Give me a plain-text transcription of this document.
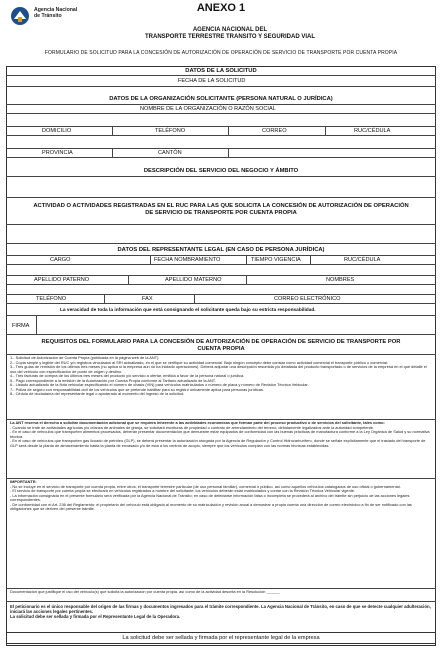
Agencia Nacional de Tránsito
ANEXO 1
AGENCIA NACIONAL DEL
TRANSPORTE TERRESTRE TRANSITO Y SEGURIDAD VIAL
FORMULARIO DE SOLICITUD PARA LA CONCESIÓN DE AUTORIZACIÓN DE OPERACIÓN DE SERVICIO DE TRANSPORTE POR CUENTA PROPIA
DATOS DE LA SOLICITUD
FECHA DE LA SOLICITUD
DATOS DE LA ORGANIZACIÓN SOLICITANTE (PERSONA NATURAL O JURÍDICA)
NOMBRE DE LA ORGANIZACIÓN O RAZÓN SOCIAL
DOMICILIO	TELÉFONO	CORREO	RUC/CÉDULA
PROVINCIA	CANTÓN
DESCRIPCIÓN DEL SERVICIO DEL NEGOCIO Y ÁMBITO
ACTIVIDAD O ACTIVIDADES REGISTRADAS EN EL RUC PARA LAS QUE SOLICITA LA CONCESIÓN DE AUTORIZACIÓN DE OPERACIÓN DE SERVICIO DE TRANSPORTE POR CUENTA PROPIA
DATOS DEL REPRESENTANTE LEGAL (EN CASO DE PERSONA JURÍDICA)
CARGO	FECHA NOMBRAMIENTO	TIEMPO VIGENCIA	RUC/CÉDULA
APELLIDO PATERNO	APELLIDO MATERNO	NOMBRES
TELÉFONO	FAX	CORREO ELECTRÓNICO
La veracidad de toda la información que está consignando el solicitante queda bajo su estricta responsabilidad.
FIRMA
REQUISITOS DEL FORMULARIO PARA LA CONCESIÓN DE AUTORIZACIÓN DE OPERACIÓN DE SERVICIO DE TRANSPORTE POR CUENTA PROPIA
1.- Solicitud de Autorización de Cuenta Propia (publicada en la página web de la ANT).
2.- Copia simple y legible del RUC y/o registros vinculados al SRI actualizado, en el que se verifique su actividad comercial. Bajo ningún concepto debe constar como actividad comercial el transporte público o comercial.
3.- Tres guías de remisión de los últimos tres meses (no aplica si la empresa aún no ha iniciado operaciones). Deberá adjuntar una descripción resumida y/o detallada del producto transportado o de servicios de la empresa en el que detalle el uso del vehículo con especificación de punto de origen y destino.
4.- Tres facturas de compra de los últimos tres meses del producto y/o servicio a ofertar, emitida a favor de la persona natural o jurídica.
5.- Pago correspondiente a la emisión de la Autorización por Cuenta Propia conforme al Tarifario actualizado de la ANT.
6.- Listado actualizado de la flota vehicular especificando el número de chasis (VIN) para vehículos matriculados o número de placa y número de Revisión Técnica Vehicular.
7.- Póliza de seguro con responsabilidad civil de los vehículos que se pretende habilitar para su registro únicamente aplica para personas jurídicas.
8.- Cédula de ciudadanía del representante legal o apoderado al momento del ingreso de la solicitud.
La ANT reserva el derecho a solicitar documentación adicional que se requiera inherente a las actividades económicas que forman parte del proceso productivo o de servicios del solicitante, tales como:
- Cuando se trate de actividades agrícolas y/o crianza de animales de granja, se solicitará escrituras de propiedad o contrato de arrendamiento del terreno, debidamente legalizados ante la autoridad competente.
- En el caso de vehículos que transporten alimentos procesados, deberán presentar documentación que demuestre estar equipados de conformidad con las buenas prácticas de manufactura conforme a la Ley Orgánica de Salud y su normativa técnica.
- En el caso de vehículos que transporten gas licuado de petróleo (GLP), se deberá presentar la autorización otorgada por la Agencia de Regulación y Control Hidrocarburífero, donde se señale explícitamente que el traslado del transporte de GLP será desde la planta de almacenamiento hasta la planta de envasado y/o de esta a los centros de acopio, siempre que los vehículos cumplan con las normas técnicas establecidas.
IMPORTANTE:
- No se incluye en el servicio de transporte por cuenta propia, entre otros, el transporte terrestre particular (de uso personal familiar), comercial o público, así como aquellos vehículos catalogados de uso oficial o gubernamental.
- El servicio de transporte por cuenta propia se efectuará en vehículos registrados a nombre del solicitante; los vehículos deberán estar matriculados y contar con la Revisión Técnica Vehicular vigente.
- La información consignada en el presente formulario será verificada por la Agencia Nacional de Tránsito; en caso de detectarse información falsa o incompleta se procederá al archivo del trámite sin perjuicio de las acciones legales correspondientes.
- De conformidad con el Art. 236 del Reglamento: el propietario del vehículo está obligado al momento de su matriculación y revisión anual a demostrar a propia cuenta una dirección de correo electrónico a fin de ser notificado con las obligaciones que se deriven del presente trámite.
Documentación que justifique el uso del vehículo(s) que solicita la autorización por cuenta propia, así como de la actividad descrita en la Resolución ______
El peticionario es el único responsable del origen de las firmas y documentos ingresados para el trámite correspondiente. La Agencia Nacional de Tránsito, en caso de que se detecte cualquier adulteración, iniciará las acciones legales pertinentes.
La solicitud debe ser sellada y firmada por el Representante Legal de la Operadora.
La solicitud debe ser sellada y firmada por el representante legal de la empresa
